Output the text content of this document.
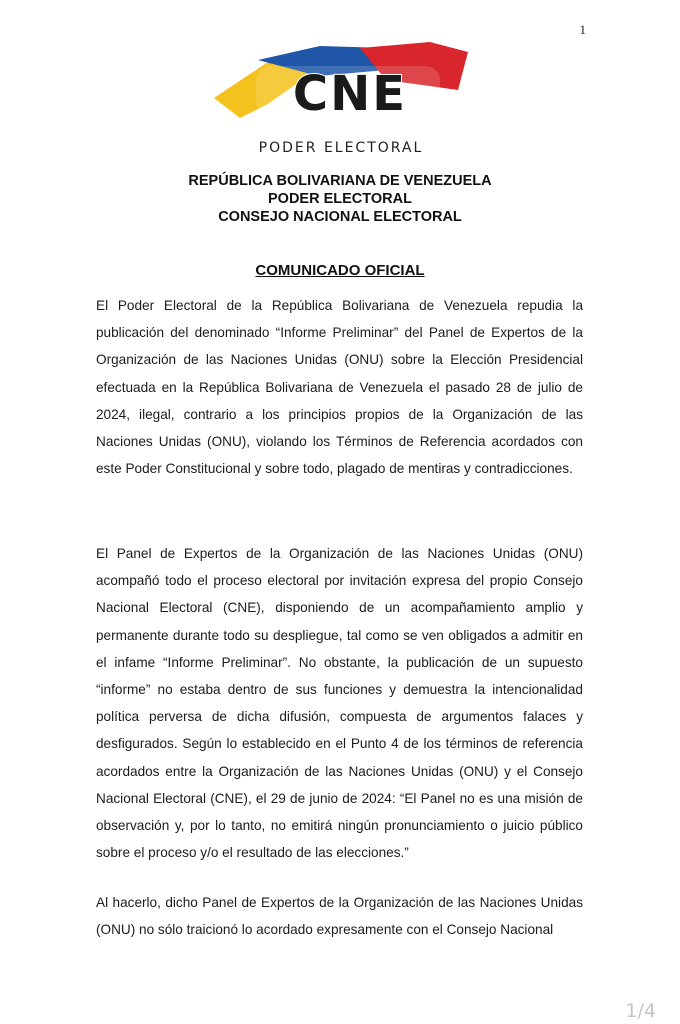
1
CNE
PODER ELECTORAL
REPÚBLICA BOLIVARIANA DE VENEZUELA
PODER ELECTORAL
CONSEJO NACIONAL ELECTORAL
COMUNICADO OFICIAL
El Poder Electoral de la República Bolivariana de Venezuela repudia la publicación del denominado “Informe Preliminar” del Panel de Expertos de la Organización de las Naciones Unidas (ONU) sobre la Elección Presidencial efectuada en la República Bolivariana de Venezuela el pasado 28 de julio de 2024, ilegal, contrario a los principios propios de la Organización de las Naciones Unidas (ONU), violando los Términos de Referencia acordados con este Poder Constitucional y sobre todo, plagado de mentiras y contradicciones.
El Panel de Expertos de la Organización de las Naciones Unidas (ONU) acompañó todo el proceso electoral por invitación expresa del propio Consejo Nacional Electoral (CNE), disponiendo de un acompañamiento amplio y permanente durante todo su despliegue, tal como se ven obligados a admitir en el infame “Informe Preliminar”. No obstante, la publicación de un supuesto “informe” no estaba dentro de sus funciones y demuestra la intencionalidad política perversa de dicha difusión, compuesta de argumentos falaces y desfigurados. Según lo establecido en el Punto 4 de los términos de referencia acordados entre la Organización de las Naciones Unidas (ONU) y el Consejo Nacional Electoral (CNE), el 29 de junio de 2024: “El Panel no es una misión de observación y, por lo tanto, no emitirá ningún pronunciamiento o juicio público sobre el proceso y/o el resultado de las elecciones.”
Al hacerlo, dicho Panel de Expertos de la Organización de las Naciones Unidas (ONU) no sólo traicionó lo acordado expresamente con el Consejo Nacional
1/4
